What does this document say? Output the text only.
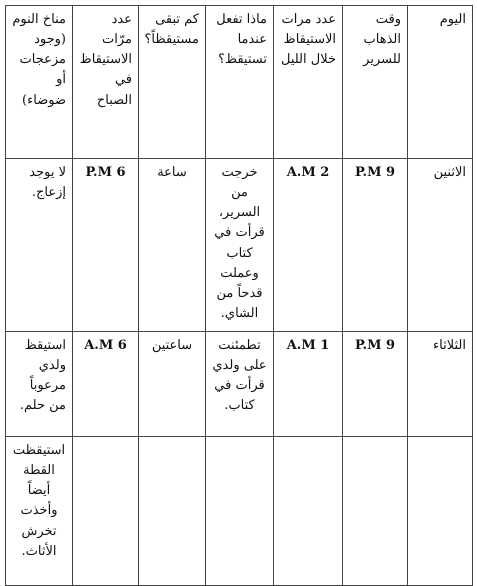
اليوم	وقت الذهاب للسرير	عدد مرات الاستيقاظ خلال الليل	ماذا تفعل عندما تستيقظ؟	كم تبقى مستيقظاً؟	عدد مرّات الاستيقاظ في الصباح	مناخ النوم (وجود مزعجات أو ضوضاء)
الاثنين	P.M 9	A.M 2	خرجت من السرير، قرأت في كتاب وعملت قدحاً من الشاي.	ساعة	P.M 6	لا يوجد إزعاج.
الثلاثاء	P.M 9	A.M 1	تطمئنت على ولدي قرأت في كتاب.	ساعتين	A.M 6	استيقظ ولدي مرعوباً من حلم.
						استيقظت القطة أيضاً وأخذت تخرش الأثاث.
